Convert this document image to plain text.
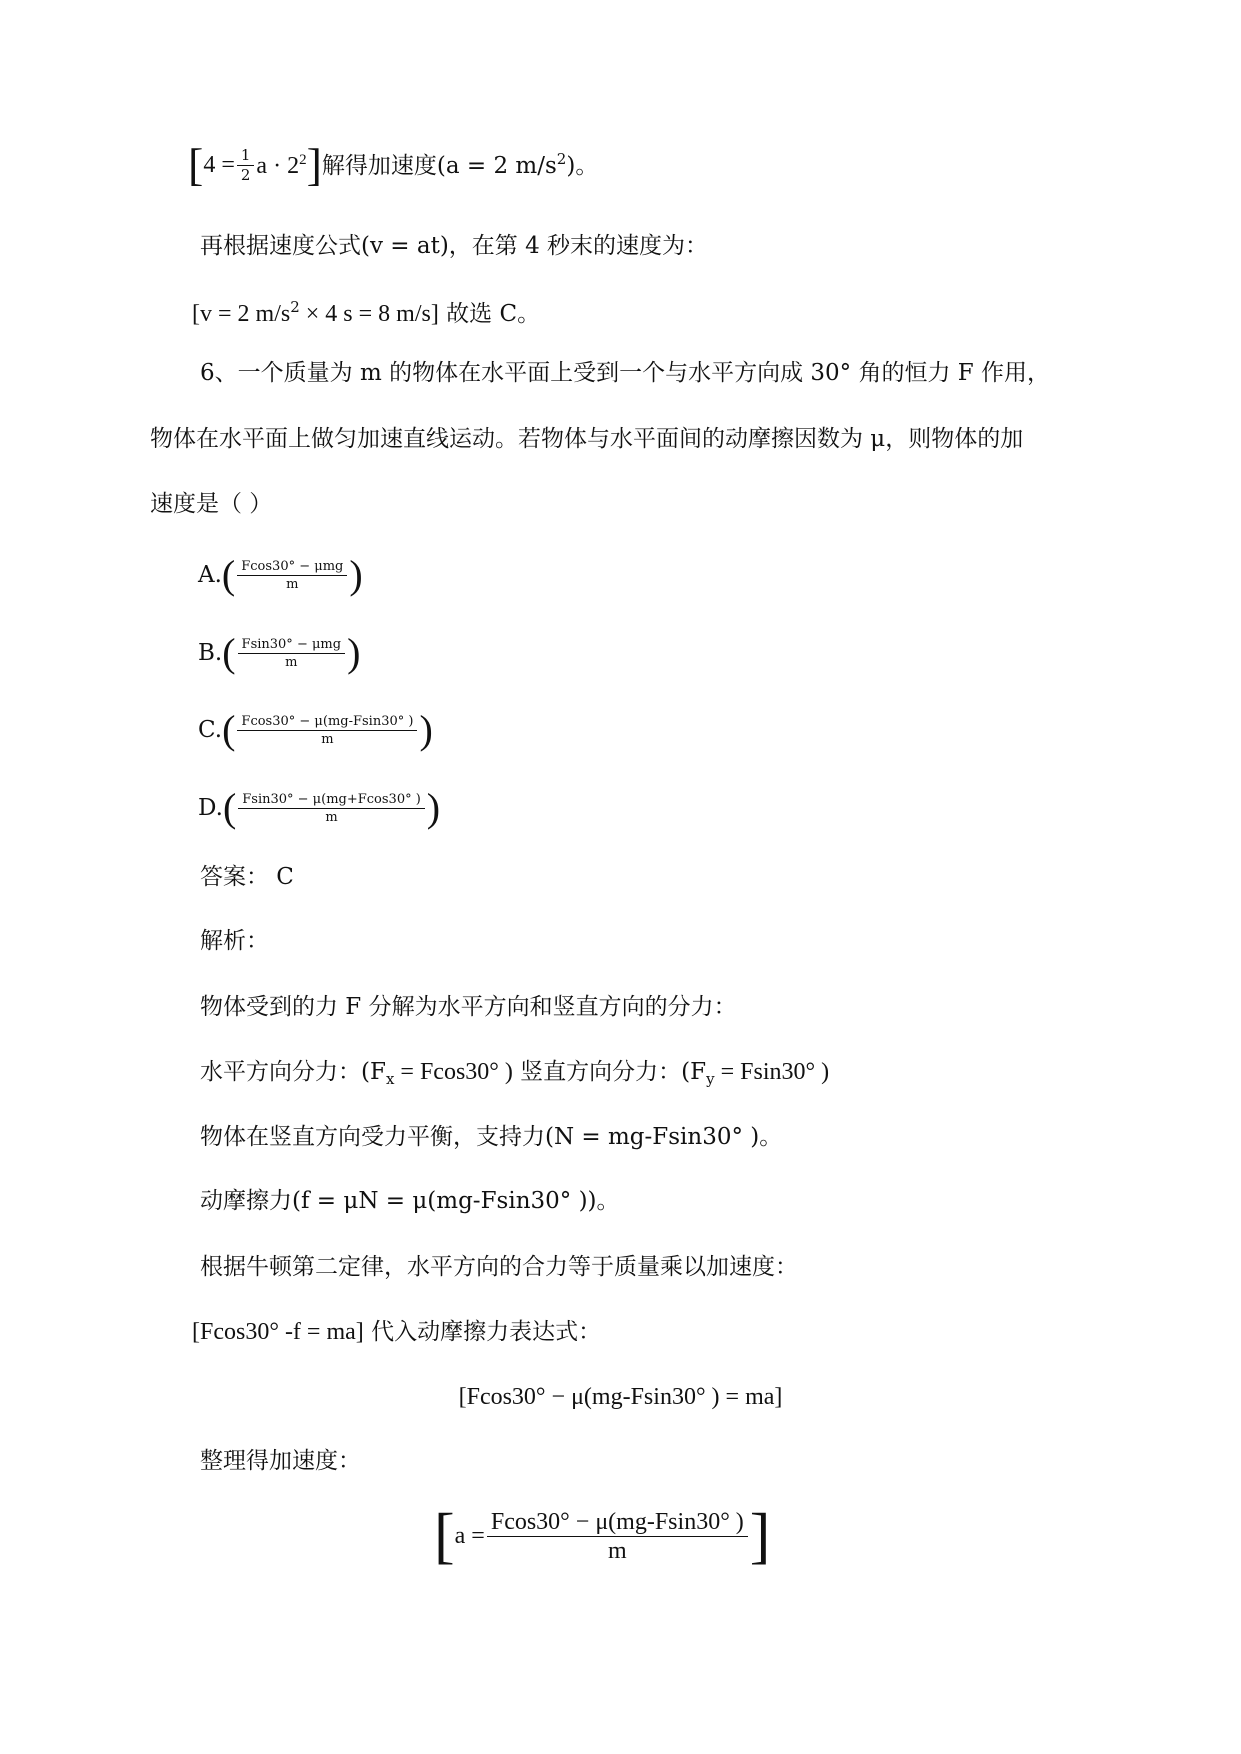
[ $4 = \frac{1}{2}$ $a \cdot 2^2$ ] 解得加速度(a = 2 $m/s^2$)。
再根据速度公式(v = at)，在第 4 秒末的速度为：
[v = 2 $m/s^2 \times 4$ s = 8 m/s] 故选 C。
6、一个质量为 m 的物体在水平面上受到一个与水平方向成 30° 角的恒力 F 作用，
物体在水平面上做匀加速直线运动。若物体与水平面间的动摩擦因数为 μ，则物体的加
速度是（ ）
A. ( $\frac{\text{Fcos30° − μmg}}{m}$ )
B. ( $\frac{\text{Fsin30° − μmg}}{m}$ )
C. ( $\frac{Fcos30^\circ - \mu(mg-Fsin30^\circ )}{m}$ )
D. ( $\frac{Fsin30^\circ - \mu(mg+Fcos30^\circ )}{m}$ )
答案： C
解析：
物体受到的力 F 分解为水平方向和竖直方向的分力：
水平方向分力：($F_x = Fcos30^\circ$ ) 竖直方向分力：($F_y = Fsin30^\circ$ )
物体在竖直方向受力平衡，支持力(N = mg-Fsin30° )。
动摩擦力(f = μN = μ(mg-Fsin30° ))。
根据牛顿第二定律，水平方向的合力等于质量乘以加速度：
[Fcos30° -f = ma] 代入动摩擦力表达式：
[Fcos30° − μ(mg-Fsin30° ) = ma]
整理得加速度：
[ $a = \frac{Fcos30^\circ - \mu(mg-Fsin30^\circ )}{m}$ ]
